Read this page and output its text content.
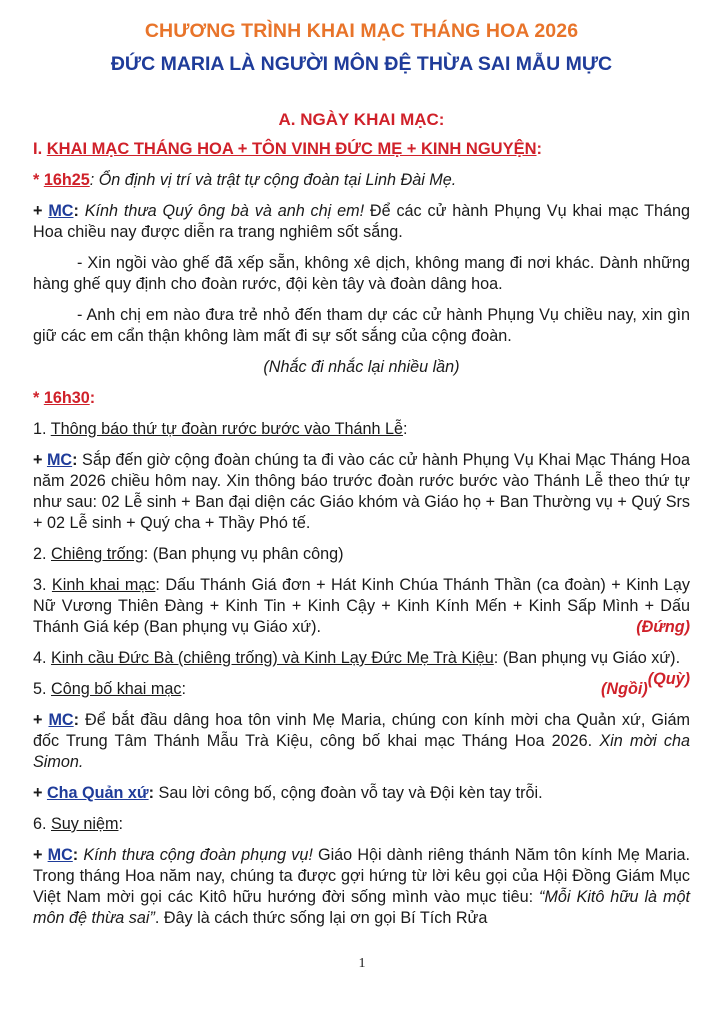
CHƯƠNG TRÌNH KHAI MẠC THÁNG HOA 2026
ĐỨC MARIA LÀ NGƯỜI MÔN ĐỆ THỪA SAI MẪU MỰC
A. NGÀY KHAI MẠC:

I. KHAI MẠC THÁNG HOA + TÔN VINH ĐỨC MẸ + KINH NGUYỆN:

* 16h25: Ổn định vị trí và trật tự cộng đoàn tại Linh Đài Mẹ.

+ MC: Kính thưa Quý ông bà và anh chị em! Để các cử hành Phụng Vụ khai mạc Tháng Hoa chiều nay được diễn ra trang nghiêm sốt sắng.

- Xin ngồi vào ghế đã xếp sẵn, không xê dịch, không mang đi nơi khác. Dành những hàng ghế quy định cho đoàn rước, đội kèn tây và đoàn dâng hoa.

- Anh chị em nào đưa trẻ nhỏ đến tham dự các cử hành Phụng Vụ chiều nay, xin gìn giữ các em cẩn thận không làm mất đi sự sốt sắng của cộng đoàn.

(Nhắc đi nhắc lại nhiều lần)

* 16h30:

1. Thông báo thứ tự đoàn rước bước vào Thánh Lễ:

+ MC: Sắp đến giờ cộng đoàn chúng ta đi vào các cử hành Phụng Vụ Khai Mạc Tháng Hoa năm 2026 chiều hôm nay. Xin thông báo trước đoàn rước bước vào Thánh Lễ theo thứ tự như sau: 02 Lễ sinh + Ban đại diện các Giáo khóm và Giáo họ + Ban Thường vụ + Quý Srs + 02 Lễ sinh + Quý cha + Thầy Phó tế.

2. Chiêng trống: (Ban phụng vụ phân công)

3. Kinh khai mạc: Dấu Thánh Giá đơn + Hát Kinh Chúa Thánh Thần (ca đoàn) + Kinh Lạy Nữ Vương Thiên Đàng + Kinh Tin + Kinh Cậy + Kinh Kính Mến + Kinh Sấp Mình + Dấu Thánh Giá kép (Ban phụng vụ Giáo xứ).	(Đứng)

4. Kinh cầu Đức Bà (chiêng trống) và Kinh Lạy Đức Mẹ Trà Kiệu: (Ban phụng vụ Giáo xứ).
(Quỳ)

5. Công bố khai mạc:	(Ngồi)

+ MC: Để bắt đầu dâng hoa tôn vinh Mẹ Maria, chúng con kính mời cha Quản xứ, Giám đốc Trung Tâm Thánh Mẫu Trà Kiệu, công bố khai mạc Tháng Hoa 2026. Xin mời cha Simon.

+ Cha Quản xứ: Sau lời công bố, cộng đoàn vỗ tay và Đội kèn tay trỗi.

6. Suy niệm:

+ MC: Kính thưa cộng đoàn phụng vụ! Giáo Hội dành riêng thánh Năm tôn kính Mẹ Maria. Trong tháng Hoa năm nay, chúng ta được gợi hứng từ lời kêu gọi của Hội Đồng Giám Mục Việt Nam mời gọi các Kitô hữu hướng đời sống mình vào mục tiêu: “Mỗi Kitô hữu là một môn đệ thừa sai”. Đây là cách thức sống lại ơn gọi Bí Tích Rửa

1
